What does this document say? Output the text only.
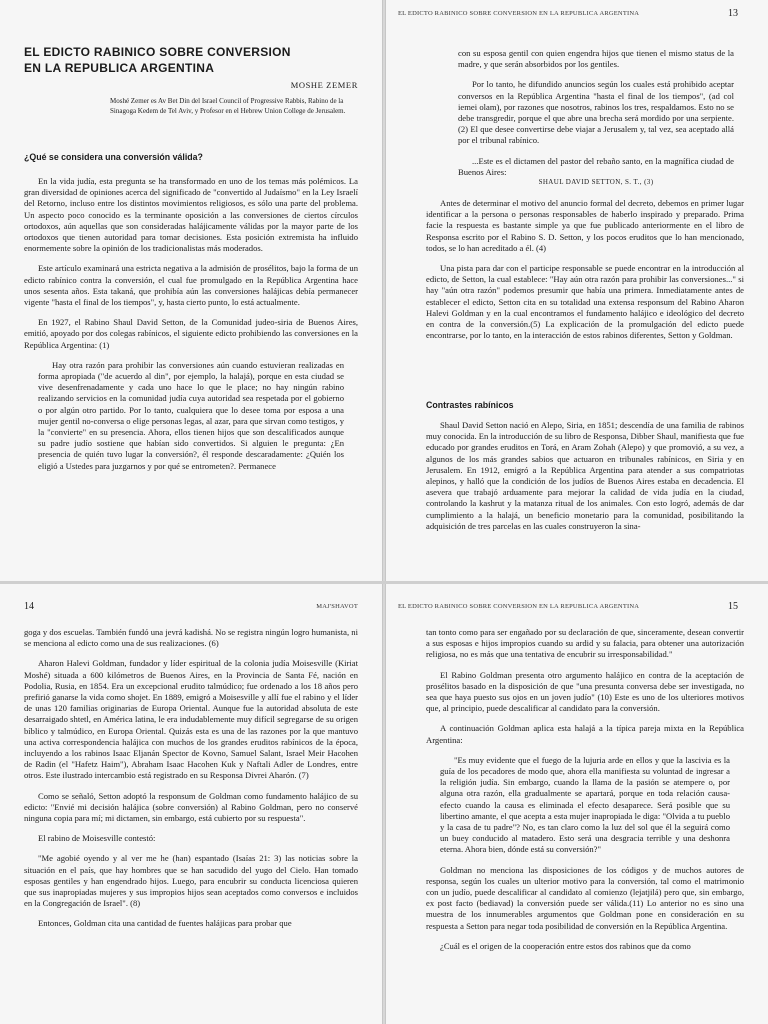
EL EDICTO RABINICO SOBRE CONVERSION
EN LA REPUBLICA ARGENTINA
MOSHE ZEMER
Moshé Zemer es Av Bet Din del Israel Council of Progressive Rabbis, Rabino de la Sinagoga Kedem de Tel Aviv, y Profesor en el Hebrew Union College de Jerusalem.
¿Qué se considera una conversión válida?

En la vida judía, esta pregunta se ha transformado en uno de los temas más polémicos. La gran diversidad de opiniones acerca del significado de "convertido al Judaísmo" en la Ley Israelí del Retorno, incluso entre los distintos movimientos religiosos, es sólo una parte del problema. Un aspecto poco conocido es la terminante oposición a las conversiones de ciertos círculos ortodoxos, aún aquellas que son consideradas halájicamente válidas por la mayor parte de los ortodoxos que tienen autoridad para tomar decisiones. Esta posición extremista ha influido enormemente sobre la opinión de los tradicionalistas más moderados.

Este artículo examinará una estricta negativa a la admisión de prosélitos, bajo la forma de un edicto rabínico contra la conversión, el cual fue promulgado en la República Argentina hace unos sesenta años. Esta takaná, que prohibía aún las conversiones halájicas debía permanecer vigente "hasta el final de los tiempos", y, hasta cierto punto, lo está actualmente.

En 1927, el Rabino Shaul David Setton, de la Comunidad judeo-siria de Buenos Aires, emitió, apoyado por dos colegas rabínicos, el siguiente edicto prohibiendo las conversiones en la República Argentina: (1)

Hay otra razón para prohibir las conversiones aún cuando estuvieran realizadas en forma apropiada ("de acuerdo al din", por ejemplo, la halajá), porque en esta ciudad se vive desenfrenadamente y cada uno hace lo que le place; no hay ningún rabino realizando servicios en la comunidad judía cuya autoridad sea respetada por el gobierno o por algún otro partido. Por lo tanto, cualquiera que lo desee toma por esposa a una mujer gentil no-conversa o elige personas legas, al azar, para que sirvan como testigos, y la "convierte" en su presencia. Ahora, ellos tienen hijos que son descalificados aunque su padre judío sostiene que habían sido convertidos. Si alguien le pregunta: ¿En presencia de quién tuvo lugar la conversión?, él responde descaradamente: ¿Quién los eligió a Ustedes para juzgarnos y por qué se entrometen?. Permanece

EL EDICTO RABINICO SOBRE CONVERSION EN LA REPUBLICA ARGENTINA	13

con su esposa gentil con quien engendra hijos que tienen el mismo status de la madre, y que serán absorbidos por los gentiles.

Por lo tanto, he difundido anuncios según los cuales está prohibido aceptar conversos en la República Argentina "hasta el final de los tiempos", (ad col iemei olam), por razones que nosotros, rabinos los tres, respaldamos. Esto no se debe transgredir, porque el que abre una brecha será mordido por una serpiente. (2) El que desee convertirse debe viajar a Jerusalem y, tal vez, sea aceptado allá por el tribunal rabínico.

...Este es el dictamen del pastor del rebaño santo, en la magnífica ciudad de Buenos Aires:

SHAUL DAVID SETTON, S. T., (3)

Antes de determinar el motivo del anuncio formal del decreto, debemos en primer lugar identificar a la persona o personas responsables de haberlo inspirado y preparado. Prima facie la respuesta es bastante simple ya que fue publicado anteriormente en el libro de Responsa escrito por el Rabino S. D. Setton, y los pocos eruditos que lo han mencionado, todos, se lo han acreditado a él. (4)

Una pista para dar con el participe responsable se puede encontrar en la introducción al edicto, de Setton, la cual establece: "Hay aún otra razón para prohibir las conversiones..." si hay "aún otra razón" podemos presumir que había una primera. Inmediatamente antes de establecer el edicto, Setton cita en su totalidad una extensa responsum del Rabino Aharon Halevi Goldman y en la cual encontramos el fundamento halájico e ideológico del decreto en contra de la conversión.(5) La explicación de la promulgación del edicto puede encontrarse, por lo tanto, en la interacción de estos rabinos diferentes, Setton y Goldman.

Contrastes rabínicos

Shaul David Setton nació en Alepo, Siria, en 1851; descendía de una familia de rabinos muy conocida. En la introducción de su libro de Responsa, Dibber Shaul, manifiesta que fue educado por grandes eruditos en Torá, en Aram Zohah (Alepo) y que promovió, a su vez, a algunos de los más grandes sabios que actuaron en tribunales rabínicos, en Siria y en Jerusalem. En 1912, emigró a la República Argentina para atender a sus compatriotas alepinos, y halló que la condición de los judíos de Buenos Aires estaba en decadencia. El asevera que trabajó arduamente para mejorar la calidad de vida judía en la ciudad, controlando la kashrut y la matanza ritual de los animales. Con esto logró, además de dar cumplimiento a la halajá, un beneficio monetario para la comunidad, posibilitando la adquisición de tres parcelas en las cuales construyeron la sina-

14	MAJ'SHAVOT

goga y dos escuelas. También fundó una jevrá kadishá. No se registra ningún logro humanista, ni se menciona al edicto como una de sus realizaciones. (6)

Aharon Halevi Goldman, fundador y líder espiritual de la colonia judía Moisesville (Kiriat Moshé) situada a 600 kilómetros de Buenos Aires, en la Provincia de Santa Fé, nación en Podolia, Rusia, en 1854. Era un excepcional erudito talmúdico; fue ordenado a los 18 años pero prefirió ganarse la vida como shojet. En 1889, emigró a Moisesville y allí fue el rabino y el líder de unas 120 familias originarias de Europa Oriental. Aunque fue la autoridad absoluta de este desarraigado shtetl, en América latina, le era indudablemente muy difícil segregarse de su origen bíblico y talmúdico, en Europa Oriental. Quizás esta es una de las razones por la que mantuvo una activa correspondencia halájica con muchos de los grandes eruditos rabínicos de la época, incluyendo a los rabinos Isaac Eljanán Spector de Kovno, Samuel Salant, Israel Meir Hacohen de Radin (el "Hafetz Haim"), Abraham Isaac Hacohen Kuk y Naftali Adler de Londres, entre otros. Este ilustrado intercambio está registrado en su Responsa Divrei Aharón. (7)

Como se señaló, Setton adoptó la responsum de Goldman como fundamento halájico de su edicto: "Envié mi decisión halájica (sobre conversión) al Rabino Goldman, pero no conservé ninguna copia para mí; mi dictamen, sin embargo, está cubierto por su respuesta".

El rabino de Moisesville contestó:

"Me agobié oyendo y al ver me he (han) espantado (Isaías 21: 3) las noticias sobre la situación en el país, que hay hombres que se han sacudido del yugo del Cielo. Han tomado esposas gentiles y han engendrado hijos. Luego, para encubrir su conducta licenciosa quieren que sus inapropiadas mujeres y sus impropios hijos sean aceptados como conversos e incluidos en la Congregación de Israel". (8)

Entonces, Goldman cita una cantidad de fuentes halájicas para probar que

EL EDICTO RABINICO SOBRE CONVERSION EN LA REPUBLICA ARGENTINA	15

tan tonto como para ser engañado por su declaración de que, sinceramente, desean convertir a sus esposas e hijos impropios cuando su ardid y su falacia, para obtener una autorización religiosa, no es más que una tentativa de encubrir su irresponsabilidad."

El Rabino Goldman presenta otro argumento halájico en contra de la aceptación de prosélitos basado en la disposición de que "una presunta conversa debe ser investigada, no sea que haya puesto sus ojos en un joven judío" (10) Este es uno de los ulteriores motivos que, al principio, puede descalificar al candidato para la conversión.

A continuación Goldman aplica esta halajá a la típica pareja mixta en la República Argentina:

"Es muy evidente que el fuego de la lujuria arde en ellos y que la lascivia es la guía de los pecadores de modo que, ahora ella manifiesta su voluntad de ingresar a la religión judía. Sin embargo, cuando la llama de la pasión se atempere o, por alguna otra razón, ella gradualmente se apartará, porque en toda relación causa-efecto cuando la causa es eliminada el efecto desaparece. Será posible que su libertino amante, el que acepta a esta mujer inapropiada le diga: "Olvida a tu pueblo y la casa de tu padre"? No, es tan claro como la luz del sol que él la seguirá como un buey conducido al matadero. Esto será una desgracia terrible y una deshonra eterna. Ahora bien, dónde está su conversión?"

Goldman no menciona las disposiciones de los códigos y de muchos autores de responsa, según los cuales un ulterior motivo para la conversión, tal como el matrimonio con un judío, puede descalificar al candidato al comienzo (lejatjilá) pero que, sin embargo, ex post facto (bediavad) la conversión puede ser válida.(11) Lo anterior no es sino una muestra de los innumerables argumentos que Goldman pone en consideración en su respuesta a Setton para negar toda posibilidad de conversión en la República Argentina.

¿Cuál es el origen de la cooperación entre estos dos rabinos que da como
